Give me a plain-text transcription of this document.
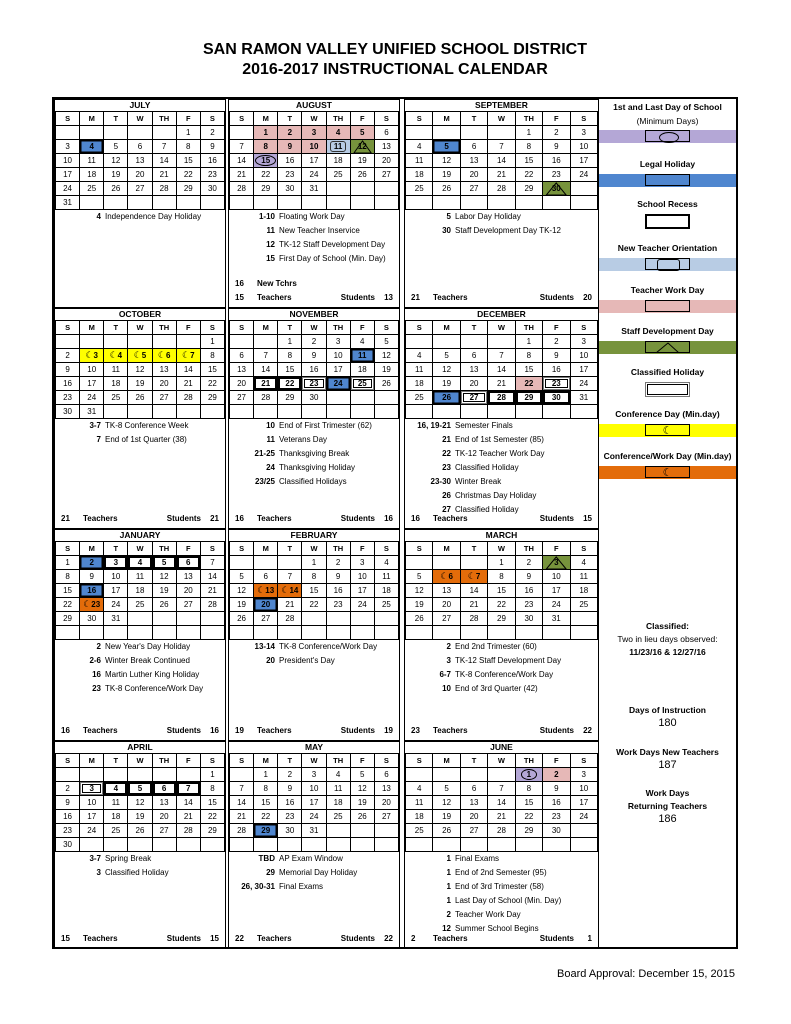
SAN RAMON VALLEY UNIFIED SCHOOL DISTRICT
2016-2017 INSTRUCTIONAL CALENDAR
Classified:
Two in lieu days observed:
11/23/16 & 12/27/16
Days of Instruction
180
Work Days New Teachers
187
Work Days
Returning Teachers
186
1st and Last Day of School
(Minimum Days)
Legal Holiday
School Recess
New Teacher Orientation
Teacher Work Day
Staff Development Day
Classified Holiday
Conference Day (Min.day)
☾
Conference/Work Day (Min.day)
☾
JULY
S	M	T	W	TH	F	S
					1	2
3	4	5	6	7	8	9
10	11	12	13	14	15	16
17	18	19	20	21	22	23
24	25	26	27	28	29	30
31						
4 Independence Day Holiday
AUGUST
S	M	T	W	TH	F	S
	1	2	3	4	5	6
7	8	9	10	11	12	13
14	15	16	17	18	19	20
21	22	23	24	25	26	27
28	29	30	31			

1-10 Floating Work Day
11 New Teacher Inservice
12 TK-12 Staff Development Day
15 First Day of School (Min. Day)
16 New Tchrs
15 Teachers	Students 13
SEPTEMBER
S	M	T	W	TH	F	S
				1	2	3
4	5	6	7	8	9	10
11	12	13	14	15	16	17
18	19	20	21	22	23	24
25	26	27	28	29	30	

5 Labor Day Holiday
30 Staff Development Day TK-12
21 Teachers	Students 20
OCTOBER
S	M	T	W	TH	F	S
						1
2	☾3	☾4	☾5	☾6	☾7	8
9	10	11	12	13	14	15
16	17	18	19	20	21	22
23	24	25	26	27	28	29
30	31					
3-7 TK-8 Conference Week
7 End of 1st Quarter (38)
21 Teachers	Students 21
NOVEMBER
S	M	T	W	TH	F	S
		1	2	3	4	5
6	7	8	9	10	11	12
13	14	15	16	17	18	19
20	21	22	23	24	25	26
27	28	29	30			

10 End of First Trimester (62)
11 Veterans Day
21-25 Thanksgiving Break
24 Thanksgiving Holiday
23/25 Classified Holidays
16 Teachers	Students 16
DECEMBER
S	M	T	W	TH	F	S
				1	2	3
4	5	6	7	8	9	10
11	12	13	14	15	16	17
18	19	20	21	22	23	24
25	26	27	28	29	30	31

16, 19-21 Semester Finals
21 End of 1st Semester (85)
22 TK-12 Teacher Work Day
23 Classified Holiday
23-30 Winter Break
26 Christmas Day Holiday
27 Classified Holiday
16 Teachers	Students 15
JANUARY
S	M	T	W	TH	F	S
1	2	3	4	5	6	7
8	9	10	11	12	13	14
15	16	17	18	19	20	21
22	☾23	24	25	26	27	28
29	30	31				

2 New Year's Day Holiday
2-6 Winter Break Continued
16 Martin Luther King Holiday
23 TK-8 Conference/Work Day
16 Teachers	Students 16
FEBRUARY
S	M	T	W	TH	F	S
			1	2	3	4
5	6	7	8	9	10	11
12	☾13	☾14	15	16	17	18
19	20	21	22	23	24	25
26	27	28				

13-14 TK-8 Conference/Work Day
20 President's Day
19 Teachers	Students 19
MARCH
S	M	T	W	TH	F	S
			1	2	3	4
5	☾6	☾7	8	9	10	11
12	13	14	15	16	17	18
19	20	21	22	23	24	25
26	27	28	29	30	31	

2 End 2nd Trimester (60)
3 TK-12 Staff Development Day
6-7 TK-8 Conference/Work Day
10 End of 3rd Quarter (42)
23 Teachers	Students 22
APRIL
S	M	T	W	TH	F	S
						1
2	3	4	5	6	7	8
9	10	11	12	13	14	15
16	17	18	19	20	21	22
23	24	25	26	27	28	29
30						
3-7 Spring Break
3 Classified Holiday
15 Teachers	Students 15
MAY
S	M	T	W	TH	F	S
	1	2	3	4	5	6
7	8	9	10	11	12	13
14	15	16	17	18	19	20
21	22	23	24	25	26	27
28	29	30	31			

TBD AP Exam Window
29 Memorial Day Holiday
26, 30-31 Final Exams
22 Teachers	Students 22
JUNE
S	M	T	W	TH	F	S
				1	2	3
4	5	6	7	8	9	10
11	12	13	14	15	16	17
18	19	20	21	22	23	24
25	26	27	28	29	30	

1 Final Exams
1 End of 2nd Semester (95)
1 End of 3rd Trimester (58)
1 Last Day of School (Min. Day)
2 Teacher Work Day
12 Summer School Begins
2 Teachers	Students 1
Board Approval: December 15, 2015
